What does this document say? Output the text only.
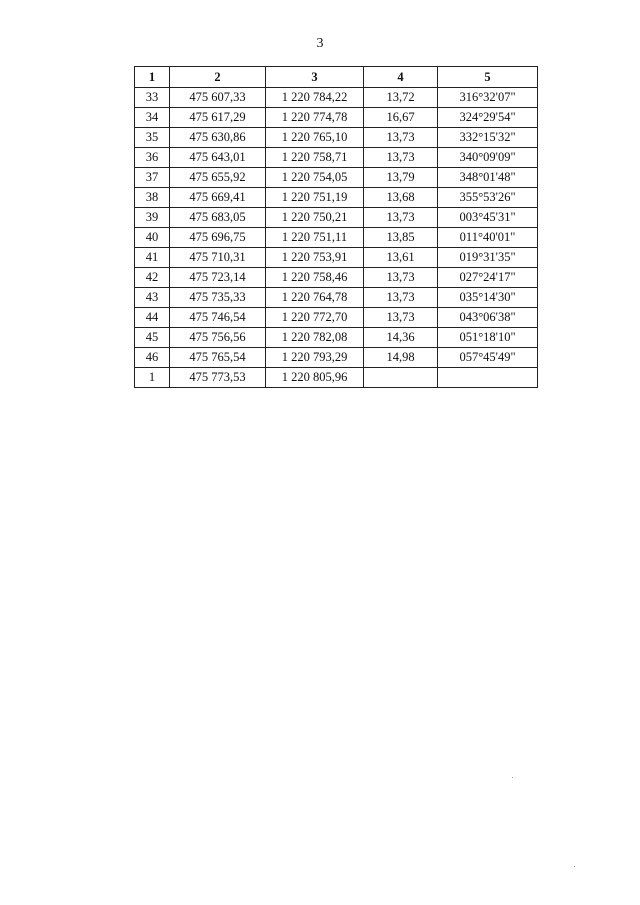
3
1	2	3	4	5
33	475 607,33	1 220 784,22	13,72	316°32'07"
34	475 617,29	1 220 774,78	16,67	324°29'54"
35	475 630,86	1 220 765,10	13,73	332°15'32"
36	475 643,01	1 220 758,71	13,73	340°09'09"
37	475 655,92	1 220 754,05	13,79	348°01'48"
38	475 669,41	1 220 751,19	13,68	355°53'26"
39	475 683,05	1 220 750,21	13,73	003°45'31"
40	475 696,75	1 220 751,11	13,85	011°40'01"
41	475 710,31	1 220 753,91	13,61	019°31'35"
42	475 723,14	1 220 758,46	13,73	027°24'17"
43	475 735,33	1 220 764,78	13,73	035°14'30"
44	475 746,54	1 220 772,70	13,73	043°06'38"
45	475 756,56	1 220 782,08	14,36	051°18'10"
46	475 765,54	1 220 793,29	14,98	057°45'49"
1	475 773,53	1 220 805,96		
